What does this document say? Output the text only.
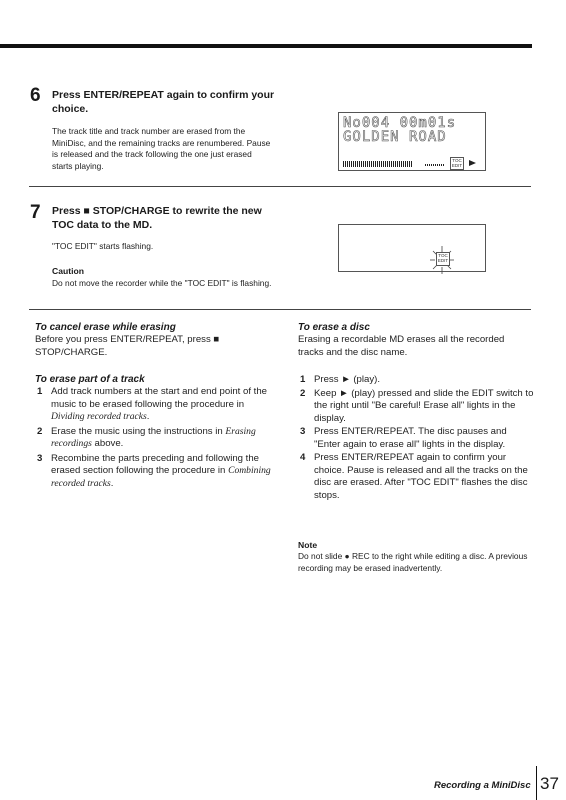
6 Press ENTER/REPEAT again to confirm your choice.
The track title and track number are erased from the MiniDisc, and the remaining tracks are renumbered. Pause is released and the track following the one just erased starts playing.
No004 00m01s
GOLDEN ROAD
TOC EDIT
7 Press ■ STOP/CHARGE to rewrite the new TOC data to the MD.
"TOC EDIT" starts flashing.
Caution
Do not move the recorder while the "TOC EDIT" is flashing.
TOC EDIT
To cancel erase while erasing
Before you press ENTER/REPEAT, press ■ STOP/CHARGE.
To erase part of a track
1 Add track numbers at the start and end point of the music to be erased following the procedure in Dividing recorded tracks.
2 Erase the music using the instructions in Erasing recordings above.
3 Recombine the parts preceding and following the erased section following the procedure in Combining recorded tracks.
To erase a disc
Erasing a recordable MD erases all the recorded tracks and the disc name.
1 Press ► (play).
2 Keep ► (play) pressed and slide the EDIT switch to the right until "Be careful! Erase all" lights in the display.
3 Press ENTER/REPEAT. The disc pauses and "Enter again to erase all" lights in the display.
4 Press ENTER/REPEAT again to confirm your choice. Pause is released and all the tracks on the disc are erased. After "TOC EDIT" flashes the disc stops.
Note
Do not slide ● REC to the right while editing a disc. A previous recording may be erased inadvertently.
Recording a MiniDisc 37
